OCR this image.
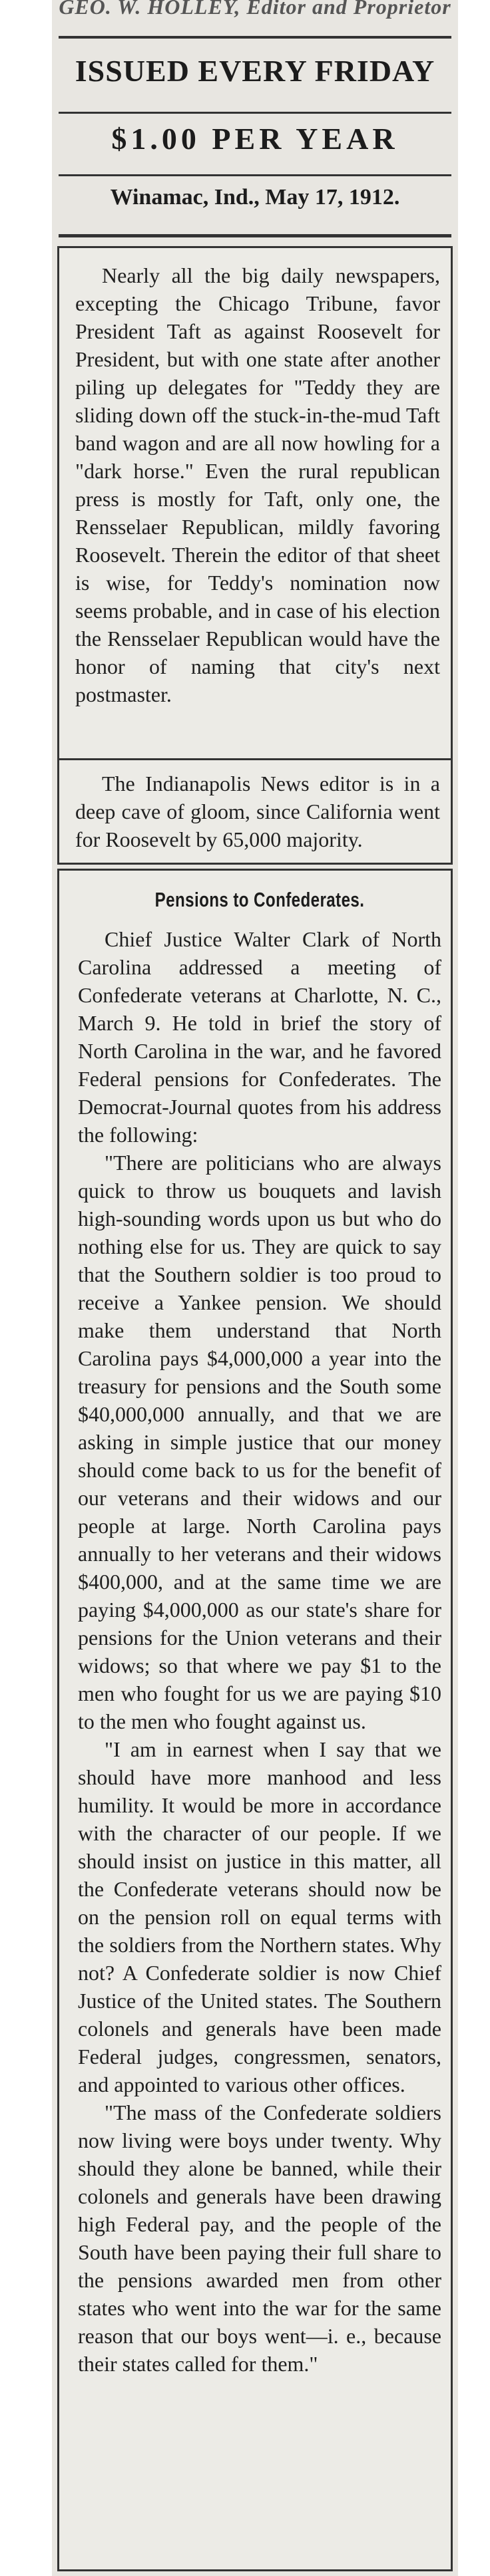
GEO. W. HOLLEY, Editor and Proprietor
ISSUED EVERY FRIDAY
$1.00 PER YEAR
Winamac, Ind., May 17, 1912.

Nearly all the big daily newspapers, excepting the Chicago Tribune, favor President Taft as against Roosevelt for President, but with one state after another piling up delegates for "Teddy they are sliding down off the stuck-in-the-mud Taft band wagon and are all now howling for a "dark horse." Even the rural republican press is mostly for Taft, only one, the Rensselaer Republican, mildly favoring Roosevelt. Therein the editor of that sheet is wise, for Teddy's nomination now seems probable, and in case of his election the Rensselaer Republican would have the honor of naming that city's next postmaster.

The Indianapolis News editor is in a deep cave of gloom, since California went for Roosevelt by 65,000 majority.

Pensions to Confederates.

Chief Justice Walter Clark of North Carolina addressed a meeting of Confederate veterans at Charlotte, N. C., March 9. He told in brief the story of North Carolina in the war, and he favored Federal pensions for Confederates. The Democrat-Journal quotes from his address the following:

"There are politicians who are always quick to throw us bouquets and lavish high-sounding words upon us but who do nothing else for us. They are quick to say that the Southern soldier is too proud to receive a Yankee pension. We should make them understand that North Carolina pays $4,000,000 a year into the treasury for pensions and the South some $40,000,000 annually, and that we are asking in simple justice that our money should come back to us for the benefit of our veterans and their widows and our people at large. North Carolina pays annually to her veterans and their widows $400,000, and at the same time we are paying $4,000,000 as our state's share for pensions for the Union veterans and their widows; so that where we pay $1 to the men who fought for us we are paying $10 to the men who fought against us.

"I am in earnest when I say that we should have more manhood and less humility. It would be more in accordance with the character of our people. If we should insist on justice in this matter, all the Confederate veterans should now be on the pension roll on equal terms with the soldiers from the Northern states. Why not? A Confederate soldier is now Chief Justice of the United states. The Southern colonels and generals have been made Federal judges, congressmen, senators, and appointed to various other offices.

"The mass of the Confederate soldiers now living were boys under twenty. Why should they alone be banned, while their colonels and generals have been drawing high Federal pay, and the people of the South have been paying their full share to the pensions awarded men from other states who went into the war for the same reason that our boys went—i. e., because their states called for them."
